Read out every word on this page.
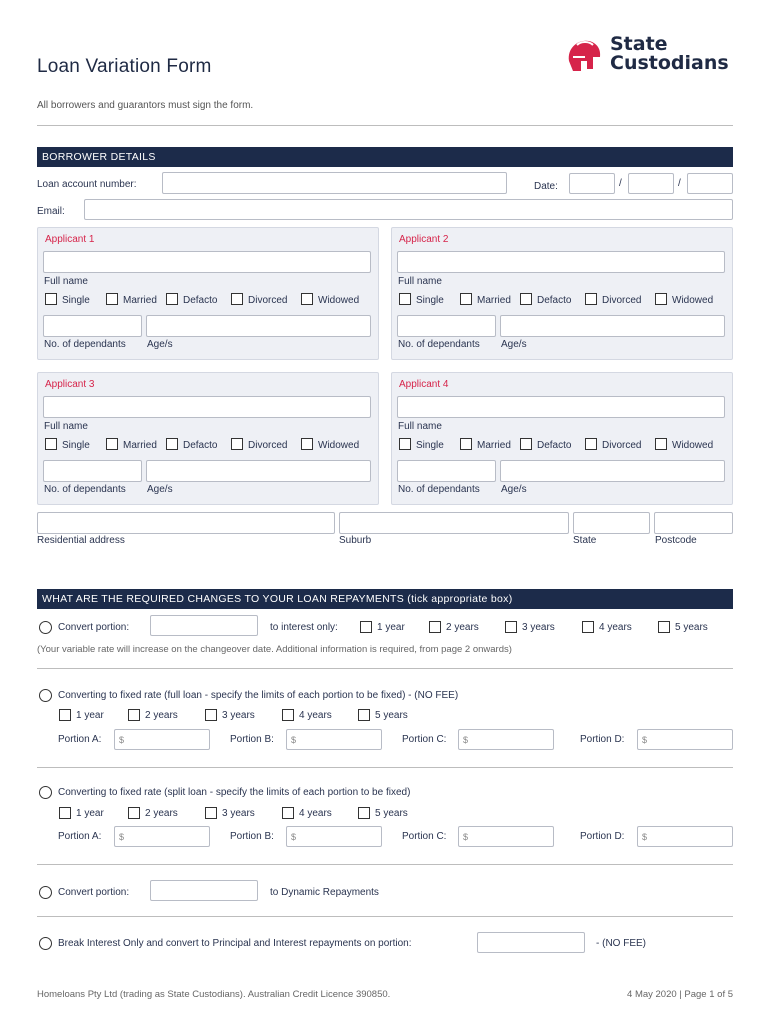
Loan Variation Form
State
Custodians
All borrowers and guarantors must sign the form.
BORROWER DETAILS
Loan account number:	Date:	/	/
Email:
Applicant 1
Full name
Single	Married	Defacto	Divorced	Widowed
No. of dependants Age/s
Applicant 2
Full name
Single	Married	Defacto	Divorced	Widowed
No. of dependants Age/s
Applicant 3
Full name
Single	Married	Defacto	Divorced	Widowed
No. of dependants Age/s
Applicant 4
Full name
Single	Married	Defacto	Divorced	Widowed
No. of dependants Age/s
Residential address	Suburb	State	Postcode
WHAT ARE THE REQUIRED CHANGES TO YOUR LOAN REPAYMENTS (tick appropriate box)
Convert portion:	to interest only:	1 year	2 years	3 years	4 years	5 years
(Your variable rate will increase on the changeover date. Additional information is required, from page 2 onwards)
Converting to fixed rate (full loan - specify the limits of each portion to be fixed) - (NO FEE)
1 year	2 years	3 years	4 years	5 years
Portion A:	$	Portion B:	$	Portion C:	$	Portion D:	$
Converting to fixed rate (split loan - specify the limits of each portion to be fixed)
1 year	2 years	3 years	4 years	5 years
Portion A:	$	Portion B:	$	Portion C:	$	Portion D:	$
Convert portion:	to Dynamic Repayments
Break Interest Only and convert to Principal and Interest repayments on portion:	- (NO FEE)
Homeloans Pty Ltd (trading as State Custodians). Australian Credit Licence 390850.	4 May 2020 | Page 1 of 5
